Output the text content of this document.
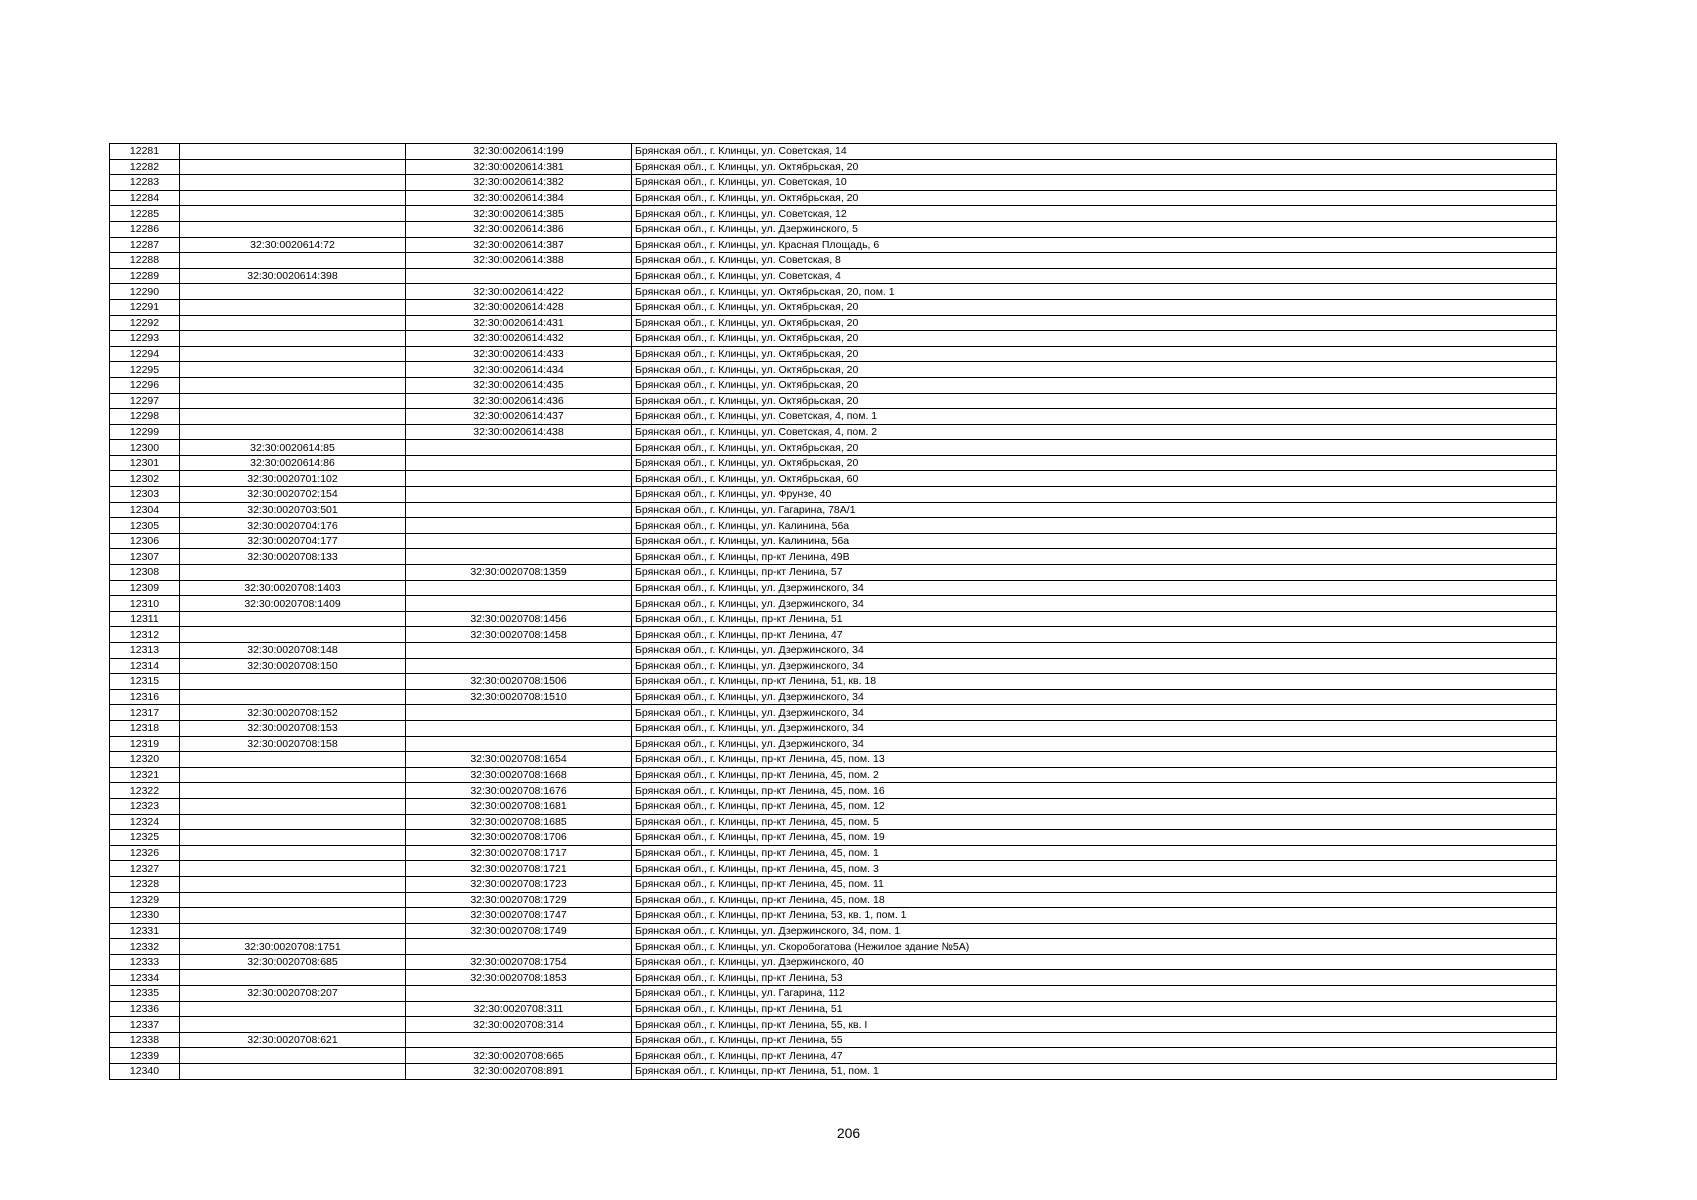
12281		32:30:0020614:199	Брянская обл., г. Клинцы, ул. Советская, 14
12282		32:30:0020614:381	Брянская обл., г. Клинцы, ул. Октябрьская, 20
12283		32:30:0020614:382	Брянская обл., г. Клинцы, ул. Советская, 10
12284		32:30:0020614:384	Брянская обл., г. Клинцы, ул. Октябрьская, 20
12285		32:30:0020614:385	Брянская обл., г. Клинцы, ул. Советская, 12
12286		32:30:0020614:386	Брянская обл., г. Клинцы, ул. Дзержинского, 5
12287	32:30:0020614:72	32:30:0020614:387	Брянская обл., г. Клинцы, ул. Красная Площадь, 6
12288		32:30:0020614:388	Брянская обл., г. Клинцы, ул. Советская, 8
12289	32:30:0020614:398		Брянская обл., г. Клинцы, ул. Советская, 4
12290		32:30:0020614:422	Брянская обл., г. Клинцы, ул. Октябрьская, 20, пом. 1
12291		32:30:0020614:428	Брянская обл., г. Клинцы, ул. Октябрьская, 20
12292		32:30:0020614:431	Брянская обл., г. Клинцы, ул. Октябрьская, 20
12293		32:30:0020614:432	Брянская обл., г. Клинцы, ул. Октябрьская, 20
12294		32:30:0020614:433	Брянская обл., г. Клинцы, ул. Октябрьская, 20
12295		32:30:0020614:434	Брянская обл., г. Клинцы, ул. Октябрьская, 20
12296		32:30:0020614:435	Брянская обл., г. Клинцы, ул. Октябрьская, 20
12297		32:30:0020614:436	Брянская обл., г. Клинцы, ул. Октябрьская, 20
12298		32:30:0020614:437	Брянская обл., г. Клинцы, ул. Советская, 4, пом. 1
12299		32:30:0020614:438	Брянская обл., г. Клинцы, ул. Советская, 4, пом. 2
12300	32:30:0020614:85		Брянская обл., г. Клинцы, ул. Октябрьская, 20
12301	32:30:0020614:86		Брянская обл., г. Клинцы, ул. Октябрьская, 20
12302	32:30:0020701:102		Брянская обл., г. Клинцы, ул. Октябрьская, 60
12303	32:30:0020702:154		Брянская обл., г. Клинцы, ул. Фрунзе, 40
12304	32:30:0020703:501		Брянская обл., г. Клинцы, ул. Гагарина, 78А/1
12305	32:30:0020704:176		Брянская обл., г. Клинцы, ул. Калинина, 56а
12306	32:30:0020704:177		Брянская обл., г. Клинцы, ул. Калинина, 56а
12307	32:30:0020708:133		Брянская обл., г. Клинцы, пр-кт Ленина, 49В
12308		32:30:0020708:1359	Брянская обл., г. Клинцы, пр-кт Ленина, 57
12309	32:30:0020708:1403		Брянская обл., г. Клинцы, ул. Дзержинского, 34
12310	32:30:0020708:1409		Брянская обл., г. Клинцы, ул. Дзержинского, 34
12311		32:30:0020708:1456	Брянская обл., г. Клинцы, пр-кт Ленина, 51
12312		32:30:0020708:1458	Брянская обл., г. Клинцы, пр-кт Ленина, 47
12313	32:30:0020708:148		Брянская обл., г. Клинцы, ул. Дзержинского, 34
12314	32:30:0020708:150		Брянская обл., г. Клинцы, ул. Дзержинского, 34
12315		32:30:0020708:1506	Брянская обл., г. Клинцы, пр-кт Ленина, 51, кв. 18
12316		32:30:0020708:1510	Брянская обл., г. Клинцы, ул. Дзержинского, 34
12317	32:30:0020708:152		Брянская обл., г. Клинцы, ул. Дзержинского, 34
12318	32:30:0020708:153		Брянская обл., г. Клинцы, ул. Дзержинского, 34
12319	32:30:0020708:158		Брянская обл., г. Клинцы, ул. Дзержинского, 34
12320		32:30:0020708:1654	Брянская обл., г. Клинцы, пр-кт Ленина, 45, пом. 13
12321		32:30:0020708:1668	Брянская обл., г. Клинцы, пр-кт Ленина, 45, пом. 2
12322		32:30:0020708:1676	Брянская обл., г. Клинцы, пр-кт Ленина, 45, пом. 16
12323		32:30:0020708:1681	Брянская обл., г. Клинцы, пр-кт Ленина, 45, пом. 12
12324		32:30:0020708:1685	Брянская обл., г. Клинцы, пр-кт Ленина, 45, пом. 5
12325		32:30:0020708:1706	Брянская обл., г. Клинцы, пр-кт Ленина, 45, пом. 19
12326		32:30:0020708:1717	Брянская обл., г. Клинцы, пр-кт Ленина, 45, пом. 1
12327		32:30:0020708:1721	Брянская обл., г. Клинцы, пр-кт Ленина, 45, пом. 3
12328		32:30:0020708:1723	Брянская обл., г. Клинцы, пр-кт Ленина, 45, пом. 11
12329		32:30:0020708:1729	Брянская обл., г. Клинцы, пр-кт Ленина, 45, пом. 18
12330		32:30:0020708:1747	Брянская обл., г. Клинцы, пр-кт Ленина, 53, кв. 1, пом. 1
12331		32:30:0020708:1749	Брянская обл., г. Клинцы, ул. Дзержинского, 34, пом. 1
12332	32:30:0020708:1751		Брянская обл., г. Клинцы, ул. Скоробогатова (Нежилое здание №5А)
12333	32:30:0020708:685	32:30:0020708:1754	Брянская обл., г. Клинцы, ул. Дзержинского, 40
12334		32:30:0020708:1853	Брянская обл., г. Клинцы, пр-кт Ленина, 53
12335	32:30:0020708:207		Брянская обл., г. Клинцы, ул. Гагарина, 112
12336		32:30:0020708:311	Брянская обл., г. Клинцы, пр-кт Ленина, 51
12337		32:30:0020708:314	Брянская обл., г. Клинцы, пр-кт Ленина, 55, кв. I
12338	32:30:0020708:621		Брянская обл., г. Клинцы, пр-кт Ленина, 55
12339		32:30:0020708:665	Брянская обл., г. Клинцы, пр-кт Ленина, 47
12340		32:30:0020708:891	Брянская обл., г. Клинцы, пр-кт Ленина, 51, пом. 1
206
